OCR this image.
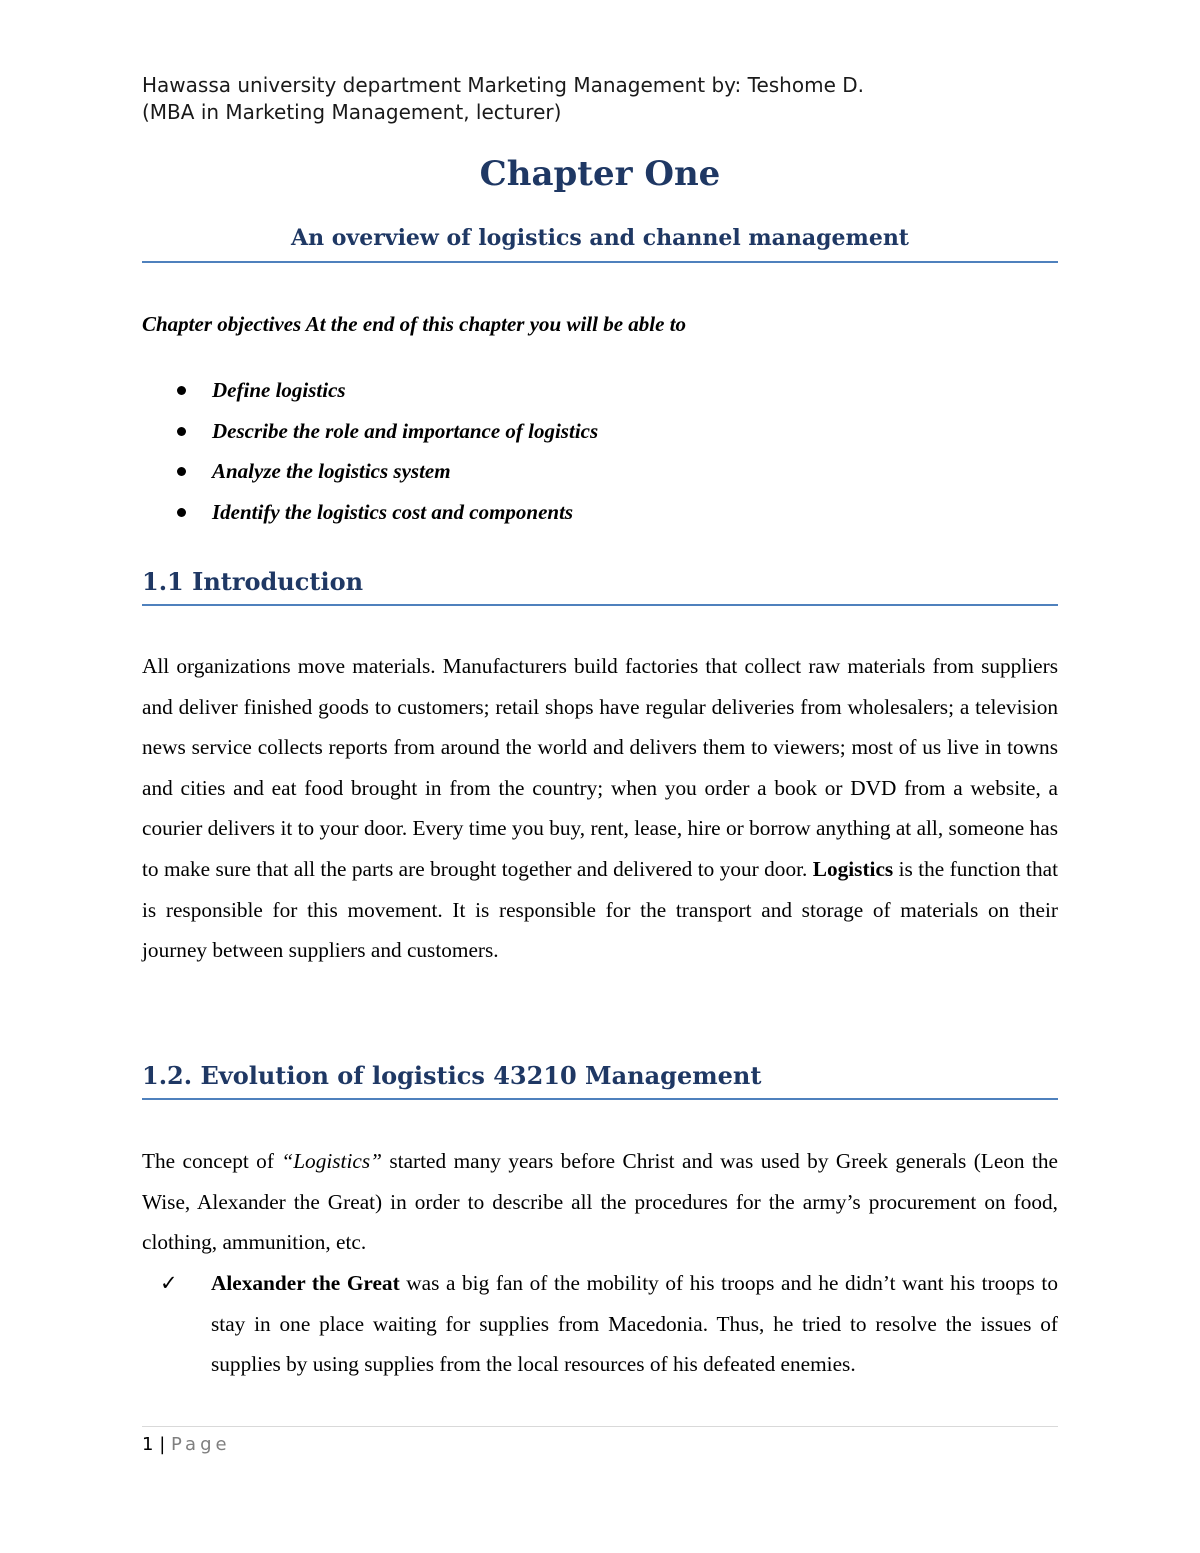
Hawassa university department Marketing Management by: Teshome D.
(MBA in Marketing Management, lecturer)
Chapter One
An overview of logistics and channel management
Chapter objectives At the end of this chapter you will be able to
Define logistics
Describe the role and importance of logistics
Analyze the logistics system
Identify the logistics cost and components
1.1 Introduction

All organizations move materials. Manufacturers build factories that collect raw materials from suppliers and deliver finished goods to customers; retail shops have regular deliveries from wholesalers; a television news service collects reports from around the world and delivers them to viewers; most of us live in towns and cities and eat food brought in from the country; when you order a book or DVD from a website, a courier delivers it to your door. Every time you buy, rent, lease, hire or borrow anything at all, someone has to make sure that all the parts are brought together and delivered to your door. Logistics is the function that is responsible for this movement. It is responsible for the transport and storage of materials on their journey between suppliers and customers.

1.2. Evolution of logistics 43210 Management

The concept of “Logistics” started many years before Christ and was used by Greek generals (Leon the Wise, Alexander the Great) in order to describe all the procedures for the army’s procurement on food, clothing, ammunition, etc.

✓ Alexander the Great was a big fan of the mobility of his troops and he didn’t want his troops to stay in one place waiting for supplies from Macedonia. Thus, he tried to resolve the issues of supplies by using supplies from the local resources of his defeated enemies.

1 | Page
